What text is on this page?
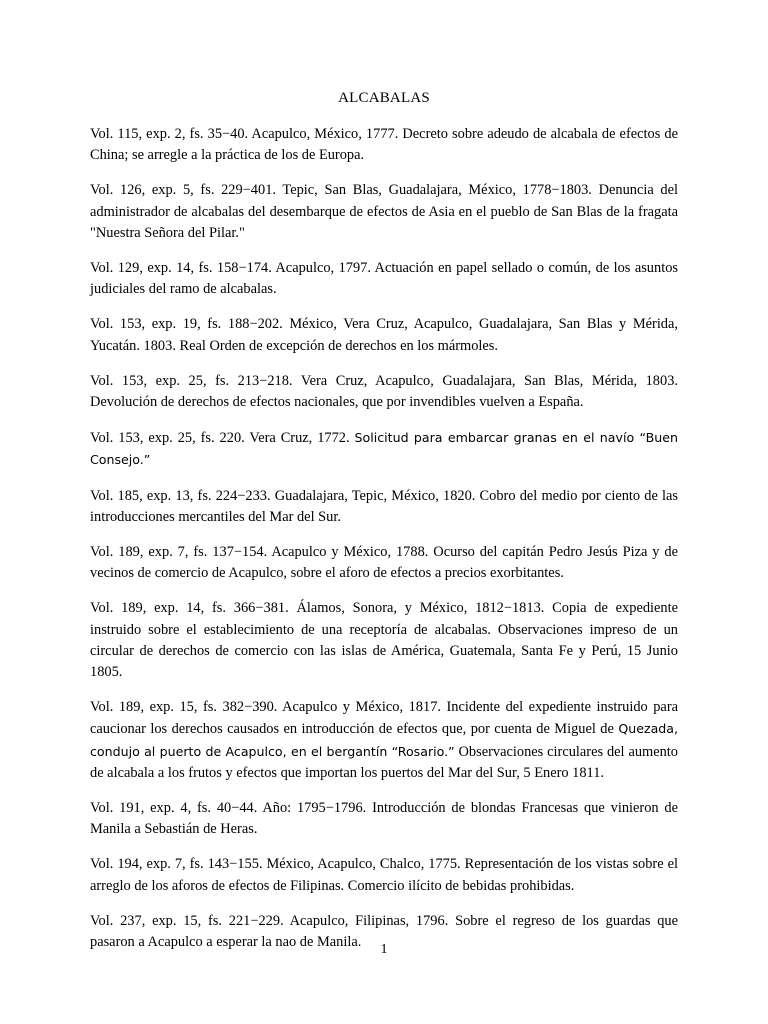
ALCABALAS

Vol. 115, exp. 2, fs. 35−40. Acapulco, México, 1777. Decreto sobre adeudo de alcabala de efectos de China; se arregle a la práctica de los de Europa.

Vol. 126, exp. 5, fs. 229−401. Tepic, San Blas, Guadalajara, México, 1778−1803. Denuncia del administrador de alcabalas del desembarque de efectos de Asia en el pueblo de San Blas de la fragata "Nuestra Señora del Pilar."

Vol. 129, exp. 14, fs. 158−174. Acapulco, 1797. Actuación en papel sellado o común, de los asuntos judiciales del ramo de alcabalas.

Vol. 153, exp. 19, fs. 188−202. México, Vera Cruz, Acapulco, Guadalajara, San Blas y Mérida, Yucatán. 1803. Real Orden de excepción de derechos en los mármoles.

Vol. 153, exp. 25, fs. 213−218. Vera Cruz, Acapulco, Guadalajara, San Blas, Mérida, 1803. Devolución de derechos de efectos nacionales, que por invendibles vuelven a España.

Vol. 153, exp. 25, fs. 220. Vera Cruz, 1772. Solicitud para embarcar granas en el navío “Buen Consejo.”

Vol. 185, exp. 13, fs. 224−233. Guadalajara, Tepic, México, 1820. Cobro del medio por ciento de las introducciones mercantiles del Mar del Sur.

Vol. 189, exp. 7, fs. 137−154. Acapulco y México, 1788. Ocurso del capitán Pedro Jesús Piza y de vecinos de comercio de Acapulco, sobre el aforo de efectos a precios exorbitantes.

Vol. 189, exp. 14, fs. 366−381. Álamos, Sonora, y México, 1812−1813. Copia de expediente instruido sobre el establecimiento de una receptoría de alcabalas. Observaciones impreso de un circular de derechos de comercio con las islas de América, Guatemala, Santa Fe y Perú, 15 Junio 1805.

Vol. 189, exp. 15, fs. 382−390. Acapulco y México, 1817. Incidente del expediente instruido para caucionar los derechos causados en introducción de efectos que, por cuenta de Miguel de Quezada, condujo al puerto de Acapulco, en el bergantín “Rosario.” Observaciones circulares del aumento de alcabala a los frutos y efectos que importan los puertos del Mar del Sur, 5 Enero 1811.

Vol. 191, exp. 4, fs. 40−44. Año: 1795−1796. Introducción de blondas Francesas que vinieron de Manila a Sebastián de Heras.

Vol. 194, exp. 7, fs. 143−155. México, Acapulco, Chalco, 1775. Representación de los vistas sobre el arreglo de los aforos de efectos de Filipinas. Comercio ilícito de bebidas prohibidas.

Vol. 237, exp. 15, fs. 221−229. Acapulco, Filipinas, 1796. Sobre el regreso de los guardas que pasaron a Acapulco a esperar la nao de Manila.	1
